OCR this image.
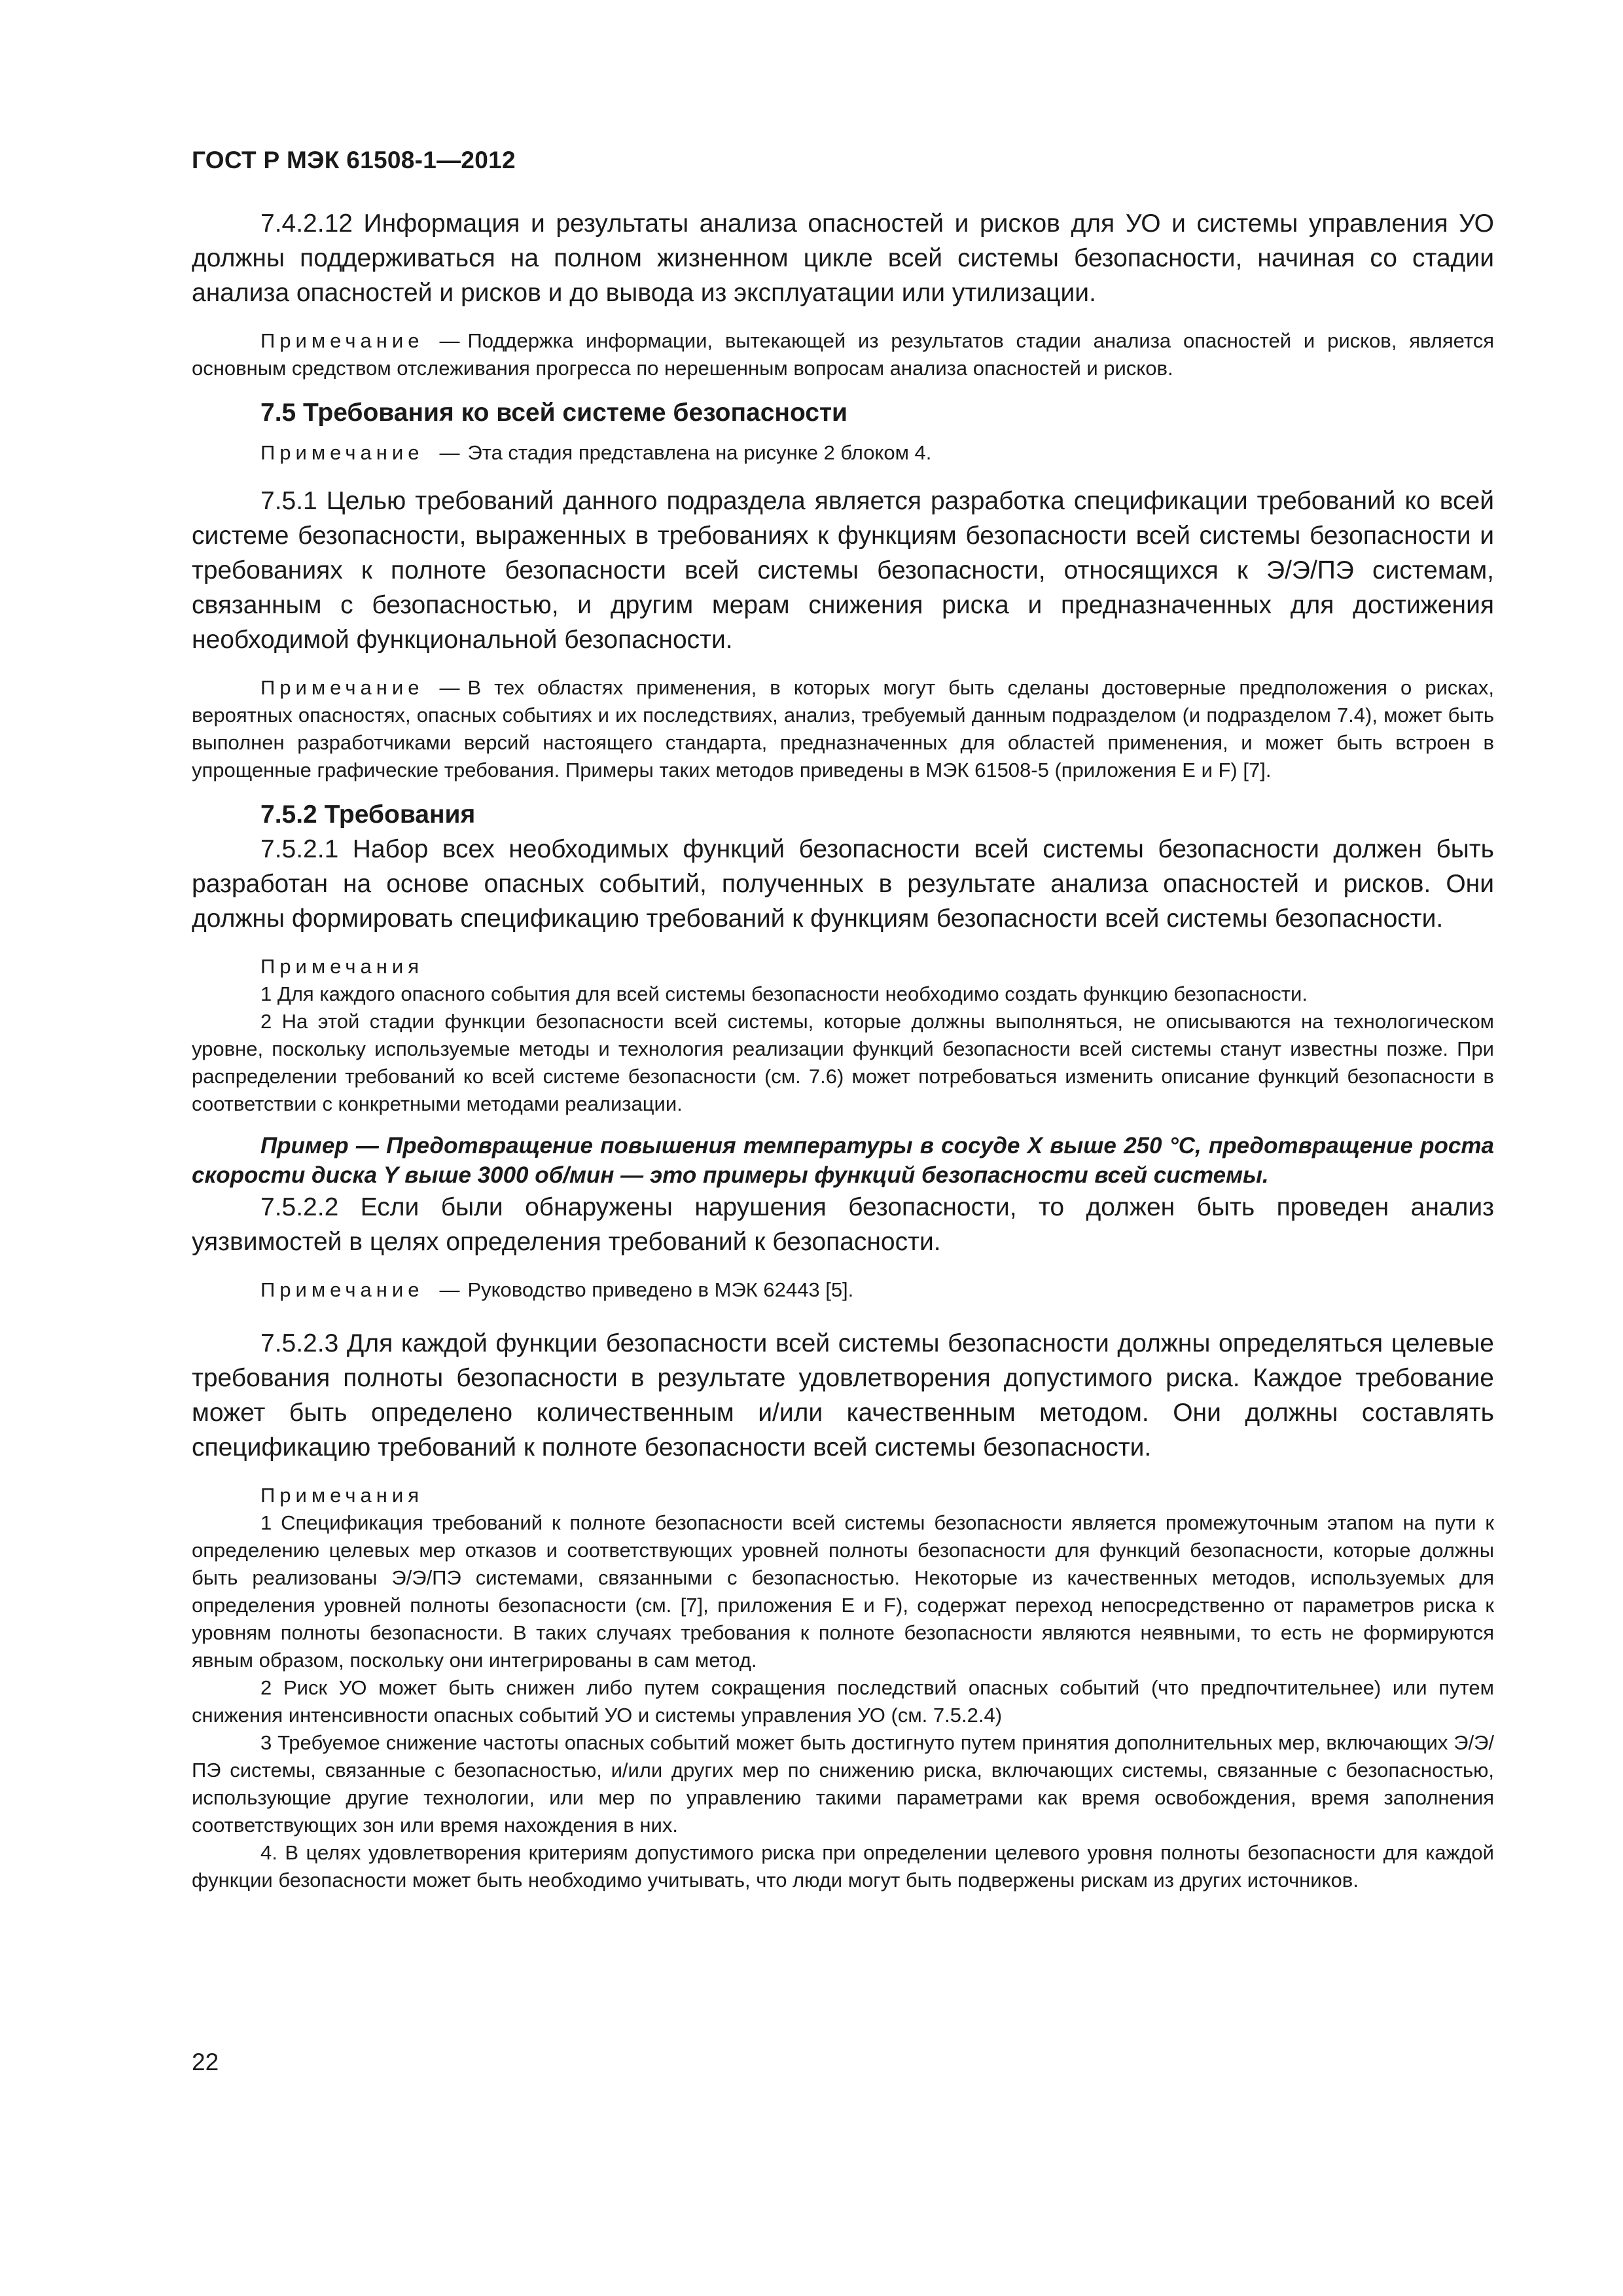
ГОСТ Р МЭК 61508-1—2012

7.4.2.12 Информация и результаты анализа опасностей и рисков для УО и системы управления УО должны поддерживаться на полном жизненном цикле всей системы безопасности, начиная со стадии анализа опасностей и рисков и до вывода из эксплуатации или утилизации.

Примечание — Поддержка информации, вытекающей из результатов стадии анализа опасностей и рисков, является основным средством отслеживания прогресса по нерешенным вопросам анализа опасностей и рисков.

7.5 Требования ко всей системе безопасности

Примечание — Эта стадия представлена на рисунке 2 блоком 4.

7.5.1 Целью требований данного подраздела является разработка спецификации требований ко всей системе безопасности, выраженных в требованиях к функциям безопасности всей системы безопасности и требованиях к полноте безопасности всей системы безопасности, относящихся к Э/Э/ПЭ системам, связанным с безопасностью, и другим мерам снижения риска и предназначенных для достижения необходимой функциональной безопасности.

Примечание — В тех областях применения, в которых могут быть сделаны достоверные предположения о рисках, вероятных опасностях, опасных событиях и их последствиях, анализ, требуемый данным подразделом (и подразделом 7.4), может быть выполнен разработчиками версий настоящего стандарта, предназначенных для областей применения, и может быть встроен в упрощенные графические требования. Примеры таких методов приведены в МЭК 61508-5 (приложения E и F) [7].

7.5.2 Требования

7.5.2.1 Набор всех необходимых функций безопасности всей системы безопасности должен быть разработан на основе опасных событий, полученных в результате анализа опасностей и рисков. Они должны формировать спецификацию требований к функциям безопасности всей системы безопасности.

Примечания

1 Для каждого опасного события для всей системы безопасности необходимо создать функцию безопасности.

2 На этой стадии функции безопасности всей системы, которые должны выполняться, не описываются на технологическом уровне, поскольку используемые методы и технология реализации функций безопасности всей системы станут известны позже. При распределении требований ко всей системе безопасности (см. 7.6) может потребоваться изменить описание функций безопасности в соответствии с конкретными методами реализации.

Пример — Предотвращение повышения температуры в сосуде X выше 250 °С, предотвращение роста скорости диска Y выше 3000 об/мин — это примеры функций безопасности всей системы.

7.5.2.2 Если были обнаружены нарушения безопасности, то должен быть проведен анализ уязвимостей в целях определения требований к безопасности.

Примечание — Руководство приведено в МЭК 62443 [5].

7.5.2.3 Для каждой функции безопасности всей системы безопасности должны определяться целевые требования полноты безопасности в результате удовлетворения допустимого риска. Каждое требование может быть определено количественным и/или качественным методом. Они должны составлять спецификацию требований к полноте безопасности всей системы безопасности.

Примечания

1 Спецификация требований к полноте безопасности всей системы безопасности является промежуточным этапом на пути к определению целевых мер отказов и соответствующих уровней полноты безопасности для функций безопасности, которые должны быть реализованы Э/Э/ПЭ системами, связанными с безопасностью. Некоторые из качественных методов, используемых для определения уровней полноты безопасности (см. [7], приложения E и F), содержат переход непосредственно от параметров риска к уровням полноты безопасности. В таких случаях требования к полноте безопасности являются неявными, то есть не формируются явным образом, поскольку они интегрированы в сам метод.

2 Риск УО может быть снижен либо путем сокращения последствий опасных событий (что предпочтительнее) или путем снижения интенсивности опасных событий УО и системы управления УО (см. 7.5.2.4)

3 Требуемое снижение частоты опасных событий может быть достигнуто путем принятия дополнительных мер, включающих Э/Э/ПЭ системы, связанные с безопасностью, и/или других мер по снижению риска, включающих системы, связанные с безопасностью, использующие другие технологии, или мер по управлению такими параметрами как время освобождения, время заполнения соответствующих зон или время нахождения в них.

4. В целях удовлетворения критериям допустимого риска при определении целевого уровня полноты безопасности для каждой функции безопасности может быть необходимо учитывать, что люди могут быть подвержены рискам из других источников.

22
